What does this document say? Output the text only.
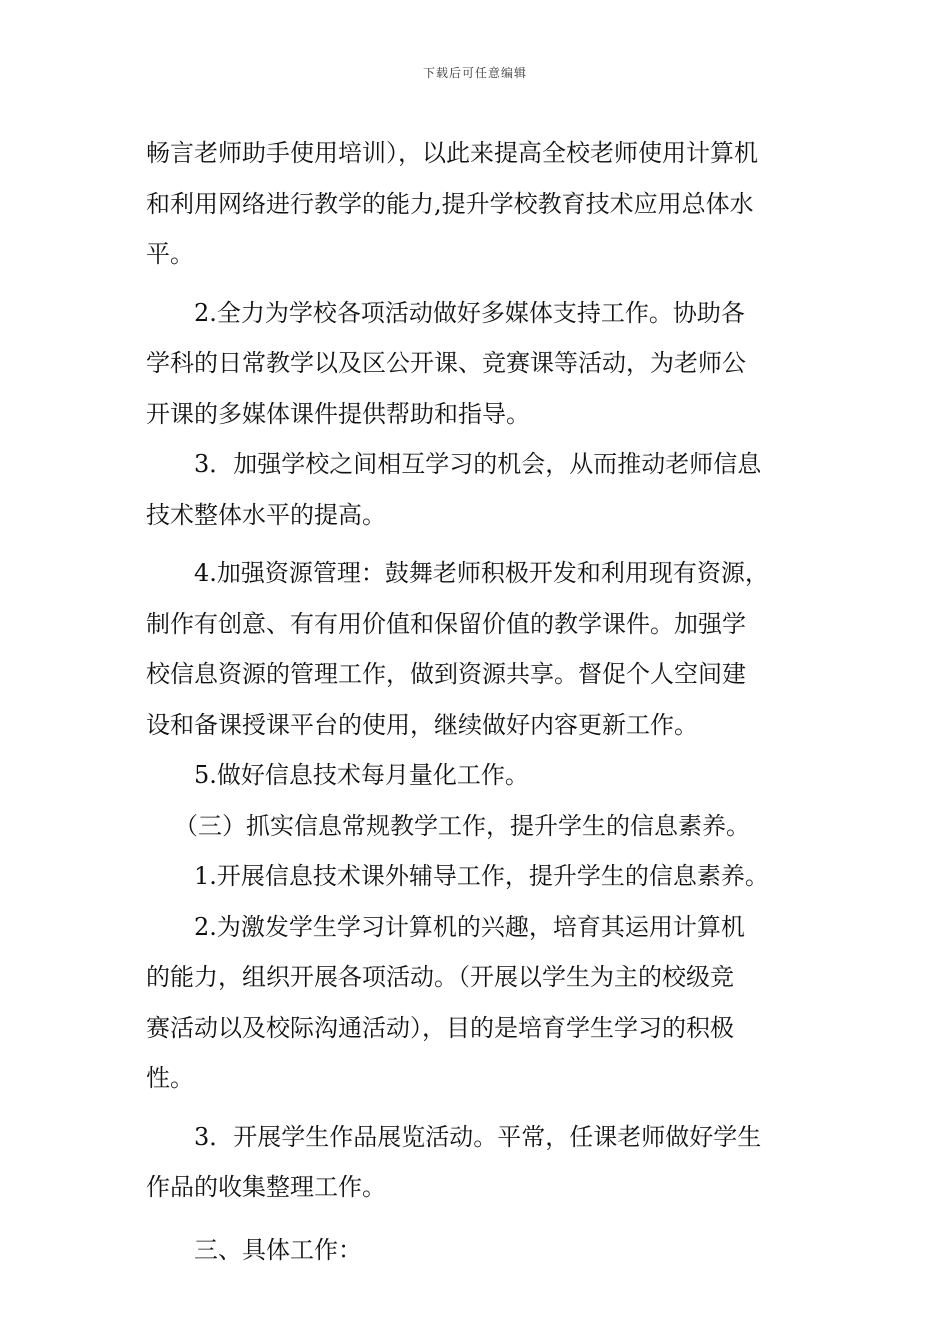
下载后可任意编辑

畅言老师助手使用培训），以此来提高全校老师使用计算机
和利用网络进行教学的能力,提升学校教育技术应用总体水
平。

2.全力为学校各项活动做好多媒体支持工作。协助各
学科的日常教学以及区公开课、竞赛课等活动，为老师公
开课的多媒体课件提供帮助和指导。

3．加强学校之间相互学习的机会，从而推动老师信息
技术整体水平的提高。

4.加强资源管理：鼓舞老师积极开发和利用现有资源，
制作有创意、有有用价值和保留价值的教学课件。加强学
校信息资源的管理工作，做到资源共享。督促个人空间建
设和备课授课平台的使用，继续做好内容更新工作。

5.做好信息技术每月量化工作。

（三）抓实信息常规教学工作，提升学生的信息素养。

1.开展信息技术课外辅导工作，提升学生的信息素养。

2.为激发学生学习计算机的兴趣，培育其运用计算机
的能力，组织开展各项活动。（开展以学生为主的校级竞
赛活动以及校际沟通活动），目的是培育学生学习的积极
性。

3．开展学生作品展览活动。平常，任课老师做好学生
作品的收集整理工作。

三、具体工作：
